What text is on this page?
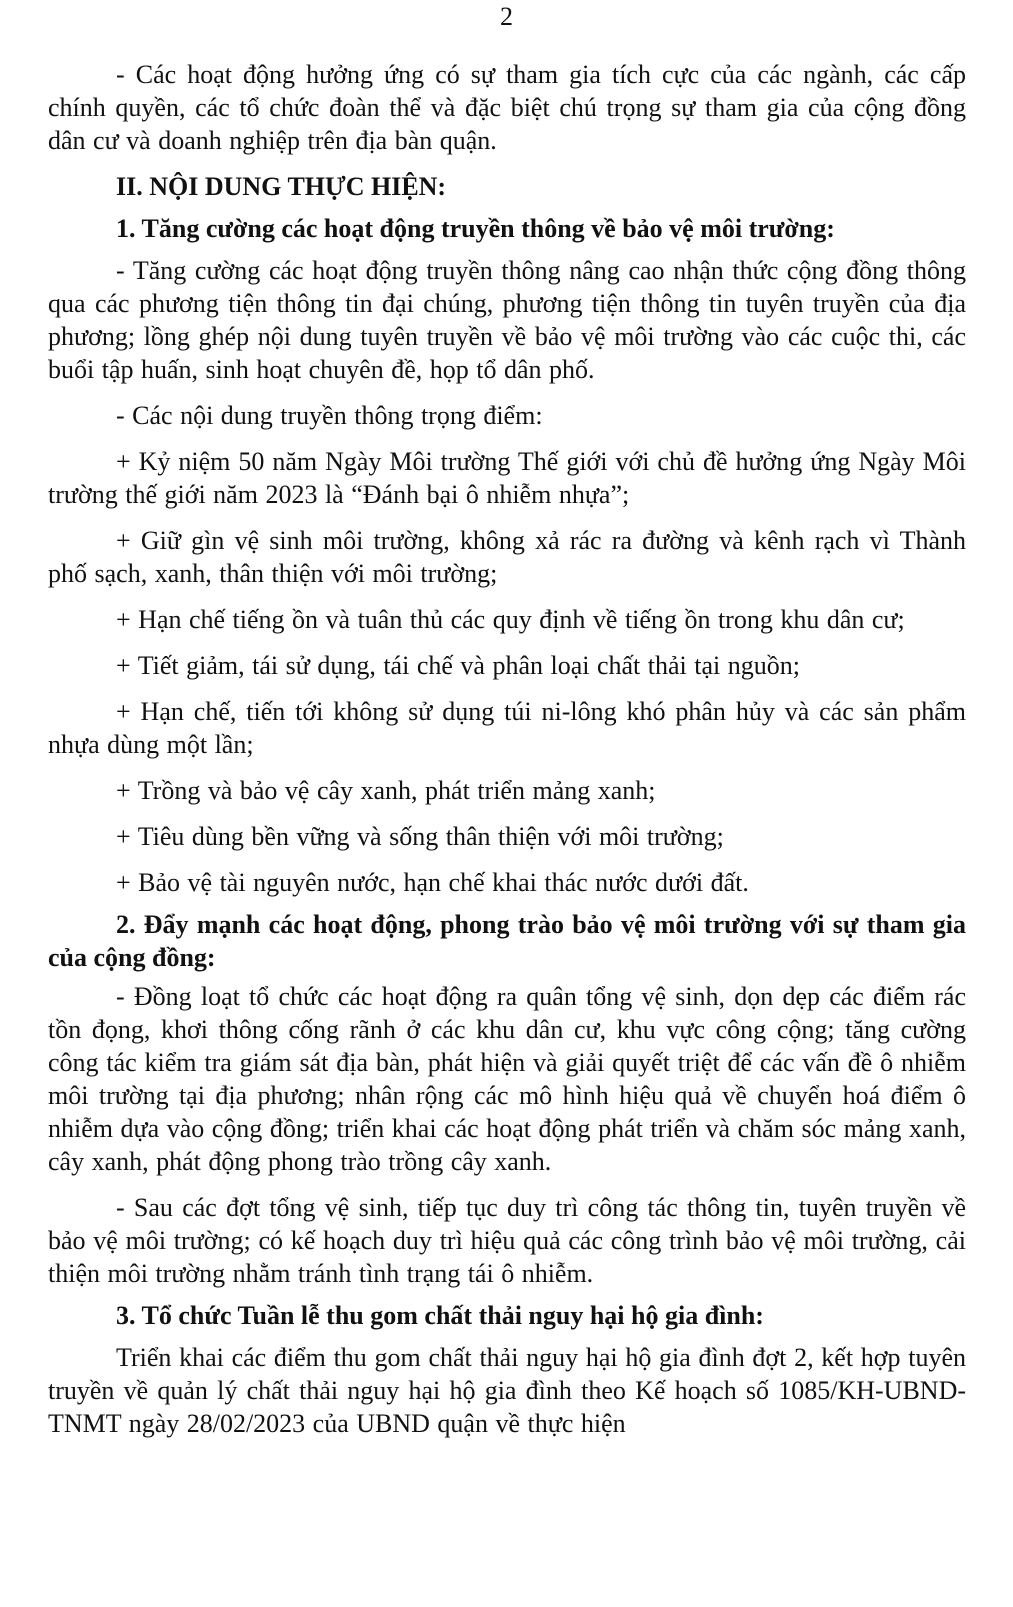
2

- Các hoạt động hưởng ứng có sự tham gia tích cực của các ngành, các cấp chính quyền, các tổ chức đoàn thể và đặc biệt chú trọng sự tham gia của cộng đồng dân cư và doanh nghiệp trên địa bàn quận.

II. NỘI DUNG THỰC HIỆN:

1. Tăng cường các hoạt động truyền thông về bảo vệ môi trường:

- Tăng cường các hoạt động truyền thông nâng cao nhận thức cộng đồng thông qua các phương tiện thông tin đại chúng, phương tiện thông tin tuyên truyền của địa phương; lồng ghép nội dung tuyên truyền về bảo vệ môi trường vào các cuộc thi, các buổi tập huấn, sinh hoạt chuyên đề, họp tổ dân phố.

- Các nội dung truyền thông trọng điểm:

+ Kỷ niệm 50 năm Ngày Môi trường Thế giới với chủ đề hưởng ứng Ngày Môi trường thế giới năm 2023 là “Đánh bại ô nhiễm nhựa”;

+ Giữ gìn vệ sinh môi trường, không xả rác ra đường và kênh rạch vì Thành phố sạch, xanh, thân thiện với môi trường;

+ Hạn chế tiếng ồn và tuân thủ các quy định về tiếng ồn trong khu dân cư;

+ Tiết giảm, tái sử dụng, tái chế và phân loại chất thải tại nguồn;

+ Hạn chế, tiến tới không sử dụng túi ni-lông khó phân hủy và các sản phẩm nhựa dùng một lần;

+ Trồng và bảo vệ cây xanh, phát triển mảng xanh;

+ Tiêu dùng bền vững và sống thân thiện với môi trường;

+ Bảo vệ tài nguyên nước, hạn chế khai thác nước dưới đất.

2. Đẩy mạnh các hoạt động, phong trào bảo vệ môi trường với sự tham gia của cộng đồng:

- Đồng loạt tổ chức các hoạt động ra quân tổng vệ sinh, dọn dẹp các điểm rác tồn đọng, khơi thông cống rãnh ở các khu dân cư, khu vực công cộng; tăng cường công tác kiểm tra giám sát địa bàn, phát hiện và giải quyết triệt để các vấn đề ô nhiễm môi trường tại địa phương; nhân rộng các mô hình hiệu quả về chuyển hoá điểm ô nhiễm dựa vào cộng đồng; triển khai các hoạt động phát triển và chăm sóc mảng xanh, cây xanh, phát động phong trào trồng cây xanh.

- Sau các đợt tổng vệ sinh, tiếp tục duy trì công tác thông tin, tuyên truyền về bảo vệ môi trường; có kế hoạch duy trì hiệu quả các công trình bảo vệ môi trường, cải thiện môi trường nhằm tránh tình trạng tái ô nhiễm.

3. Tổ chức Tuần lễ thu gom chất thải nguy hại hộ gia đình:

Triển khai các điểm thu gom chất thải nguy hại hộ gia đình đợt 2, kết hợp tuyên truyền về quản lý chất thải nguy hại hộ gia đình theo Kế hoạch số 1085/KH-UBND-TNMT ngày 28/02/2023 của UBND quận về thực hiện
